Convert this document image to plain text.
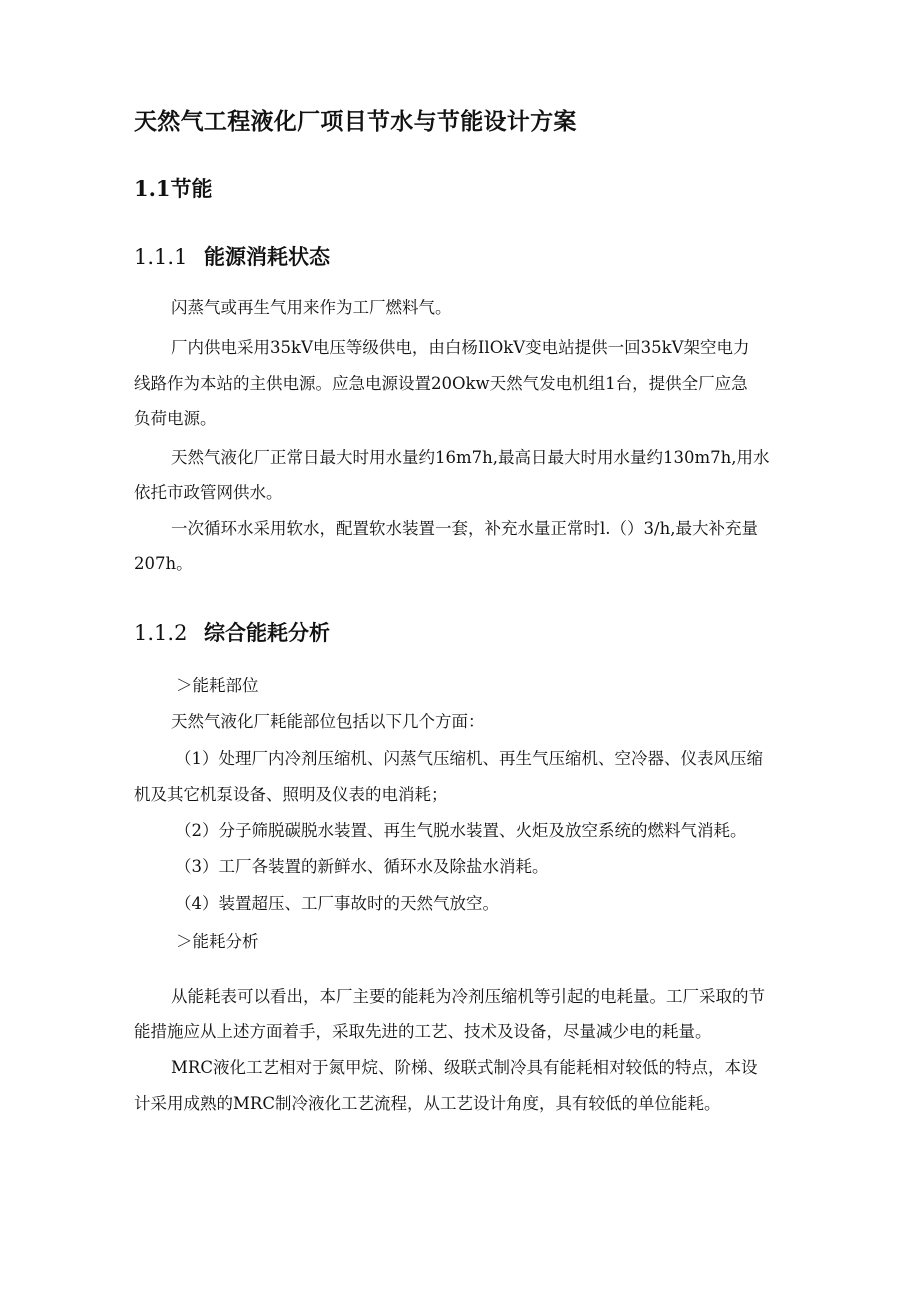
天然气工程液化厂项目节水与节能设计方案
1.1节能
1.1.1 能源消耗状态
闪蒸气或再生气用来作为工厂燃料气。
厂内供电采用35kV电压等级供电，由白杨IlOkV变电站提供一回35kV架空电力
线路作为本站的主供电源。应急电源设置20Okw天然气发电机组1台，提供全厂应急
负荷电源。
天然气液化厂正常日最大时用水量约16m7h,最高日最大时用水量约130m7h,用水
依托市政管网供水。
一次循环水采用软水，配置软水装置一套，补充水量正常时l.（）3∕h,最大补充量
207h。
1.1.2 综合能耗分析
＞能耗部位
天然气液化厂耗能部位包括以下几个方面：
（1）处理厂内冷剂压缩机、闪蒸气压缩机、再生气压缩机、空冷器、仪表风压缩
机及其它机泵设备、照明及仪表的电消耗；
（2）分子筛脱碳脱水装置、再生气脱水装置、火炬及放空系统的燃料气消耗。
（3）工厂各装置的新鲜水、循环水及除盐水消耗。
（4）装置超压、工厂事故时的天然气放空。
＞能耗分析
从能耗表可以看出，本厂主要的能耗为冷剂压缩机等引起的电耗量。工厂采取的节
能措施应从上述方面着手，采取先进的工艺、技术及设备，尽量减少电的耗量。
MRC液化工艺相对于氮甲烷、阶梯、级联式制冷具有能耗相对较低的特点，本设
计采用成熟的MRC制冷液化工艺流程，从工艺设计角度，具有较低的单位能耗。
